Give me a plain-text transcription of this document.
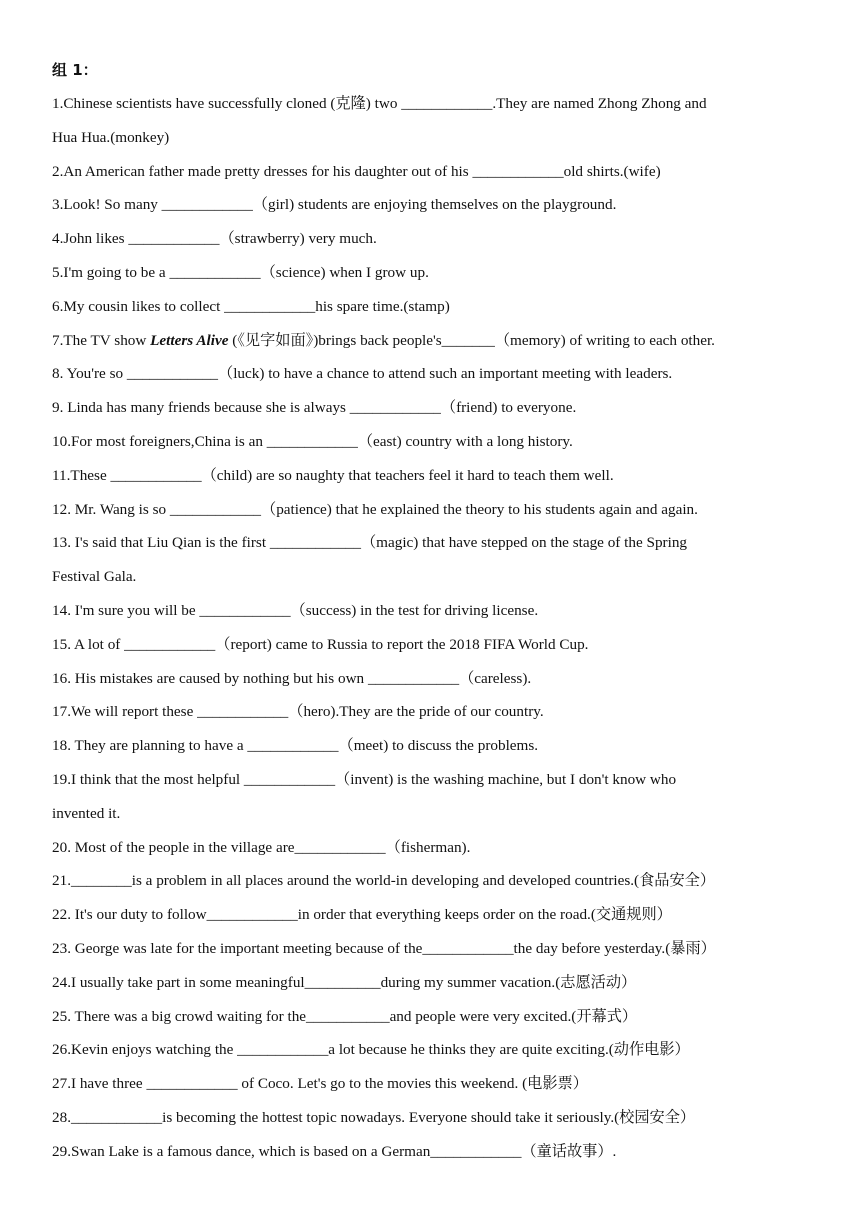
组 1：
1.Chinese scientists have successfully cloned (克隆) two ____________.They are named Zhong Zhong and
Hua Hua.(monkey)
2.An American father made pretty dresses for his daughter out of his ____________old shirts.(wife)
3.Look! So many ____________（girl) students are enjoying themselves on the playground.
4.John likes ____________（strawberry) very much.
5.I'm going to be a ____________（science) when I grow up.
6.My cousin likes to collect ____________his spare time.(stamp)
7.The TV show Letters Alive (《见字如面》)brings back people's_______（memory) of writing to each other.
8. You're so ____________（luck) to have a chance to attend such an important meeting with leaders.
9. Linda has many friends because she is always ____________（friend) to everyone.
10.For most foreigners,China is an ____________（east) country with a long history.
11.These ____________（child) are so naughty that teachers feel it hard to teach them well.
12. Mr. Wang is so ____________（patience) that he explained the theory to his students again and again.
13. I's said that Liu Qian is the first ____________（magic) that have stepped on the stage of the Spring
Festival Gala.
14. I'm sure you will be ____________（success) in the test for driving license.
15. A lot of ____________（report) came to Russia to report the 2018 FIFA World Cup.
16. His mistakes are caused by nothing but his own ____________（careless).
17.We will report these ____________（hero).They are the pride of our country.
18. They are planning to have a ____________（meet) to discuss the problems.
19.I think that the most helpful ____________（invent) is the washing machine, but I don't know who
invented it.
20. Most of the people in the village are____________（fisherman).
21.________is a problem in all places around the world-in developing and developed countries.(食品安全）
22. It's our duty to follow____________in order that everything keeps order on the road.(交通规则）
23. George was late for the important meeting because of the____________the day before yesterday.(暴雨）
24.I usually take part in some meaningful__________during my summer vacation.(志愿活动）
25. There was a big crowd waiting for the___________and people were very excited.(开幕式）
26.Kevin enjoys watching the ____________a lot because he thinks they are quite exciting.(动作电影）
27.I have three ____________ of Coco. Let's go to the movies this weekend. (电影票）
28.____________is becoming the hottest topic nowadays. Everyone should take it seriously.(校园安全）
29.Swan Lake is a famous dance, which is based on a German____________（童话故事）.
